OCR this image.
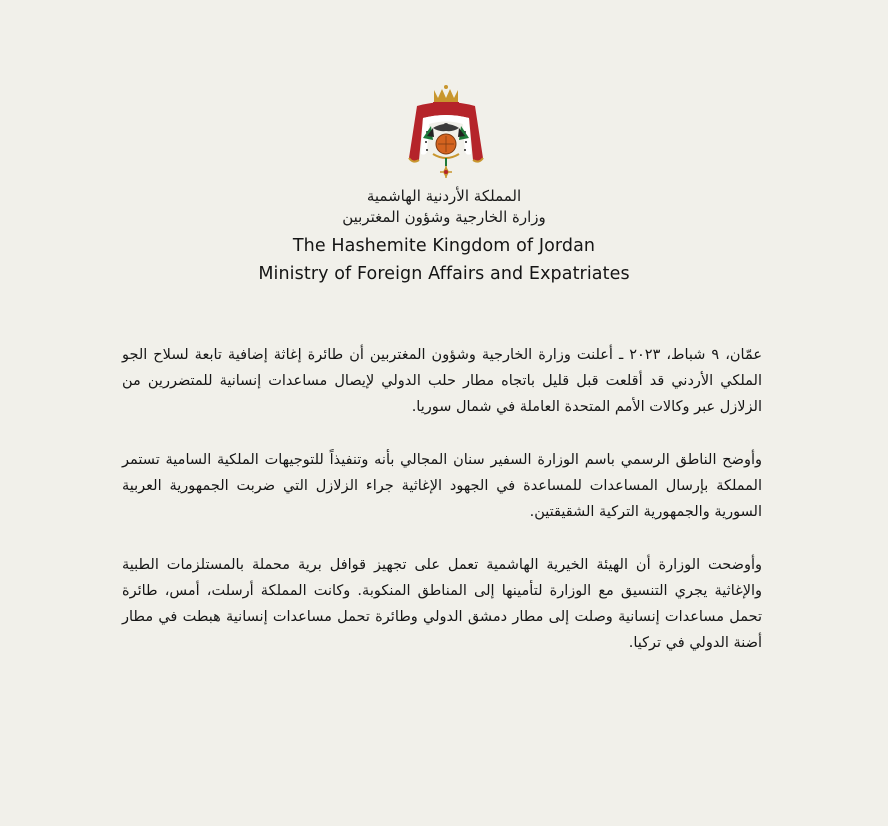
المملكة الأردنية الهاشمية
وزارة الخارجية وشؤون المغتربين
The Hashemite Kingdom of Jordan
Ministry of Foreign Affairs and Expatriates

عمّان، ٩ شباط، ٢٠٢٣ ـ أعلنت وزارة الخارجية وشؤون المغتربين أن طائرة إغاثة إضافية تابعة لسلاح الجو الملكي الأردني قد أقلعت قبل قليل باتجاه مطار حلب الدولي لإيصال مساعدات إنسانية للمتضررين من الزلازل عبر وكالات الأمم المتحدة العاملة في شمال سوريا.

وأوضح الناطق الرسمي باسم الوزارة السفير سنان المجالي بأنه وتنفيذاً للتوجيهات الملكية السامية تستمر المملكة بإرسال المساعدات للمساعدة في الجهود الإغاثية جراء الزلازل التي ضربت الجمهورية العربية السورية والجمهورية التركية الشقيقتين.

وأوضحت الوزارة أن الهيئة الخيرية الهاشمية تعمل على تجهيز قوافل برية محملة بالمستلزمات الطبية والإغاثية يجري التنسيق مع الوزارة لتأمينها إلى المناطق المنكوبة. وكانت المملكة أرسلت، أمس، طائرة تحمل مساعدات إنسانية وصلت إلى مطار دمشق الدولي وطائرة تحمل مساعدات إنسانية هبطت في مطار أضنة الدولي في تركيا.
